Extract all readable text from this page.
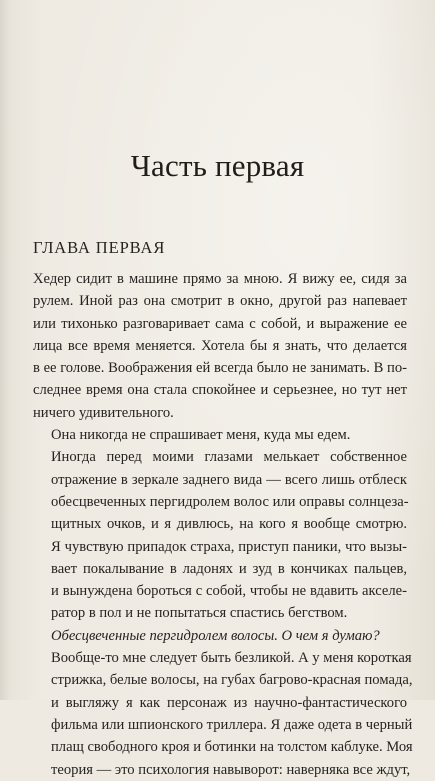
Часть первая
ГЛАВА ПЕРВАЯ

Хедер сидит в машине прямо за мною. Я вижу ее, сидя за
рулем. Иной раз она смотрит в окно, другой раз напевает
или тихонько разговаривает сама с собой, и выражение ее
лица все время меняется. Хотела бы я знать, что делается
в ее голове. Воображения ей всегда было не занимать. В по-
следнее время она стала спокойнее и серьезнее, но тут нет
ничего удивительного.

Она никогда не спрашивает меня, куда мы едем.

Иногда перед моими глазами мелькает собственное
отражение в зеркале заднего вида — всего лишь отблеск
обесцвеченных пергидролем волос или оправы солнцеза-
щитных очков, и я дивлюсь, на кого я вообще смотрю.
Я чувствую припадок страха, приступ паники, что вызы-
вает покалывание в ладонях и зуд в кончиках пальцев,
и вынуждена бороться с собой, чтобы не вдавить акселе-
ратор в пол и не попытаться спастись бегством.

Обесцвеченные пергидролем волосы. О чем я думаю?

Вообще-то мне следует быть безликой. А у меня короткая
стрижка, белые волосы, на губах багрово-красная помада,
и выгляжу я как персонаж из научно-фантастического
фильма или шпионского триллера. Я даже одета в черный
плащ свободного кроя и ботинки на толстом каблуке. Моя
теория — это психология навыворот: наверняка все ждут,
